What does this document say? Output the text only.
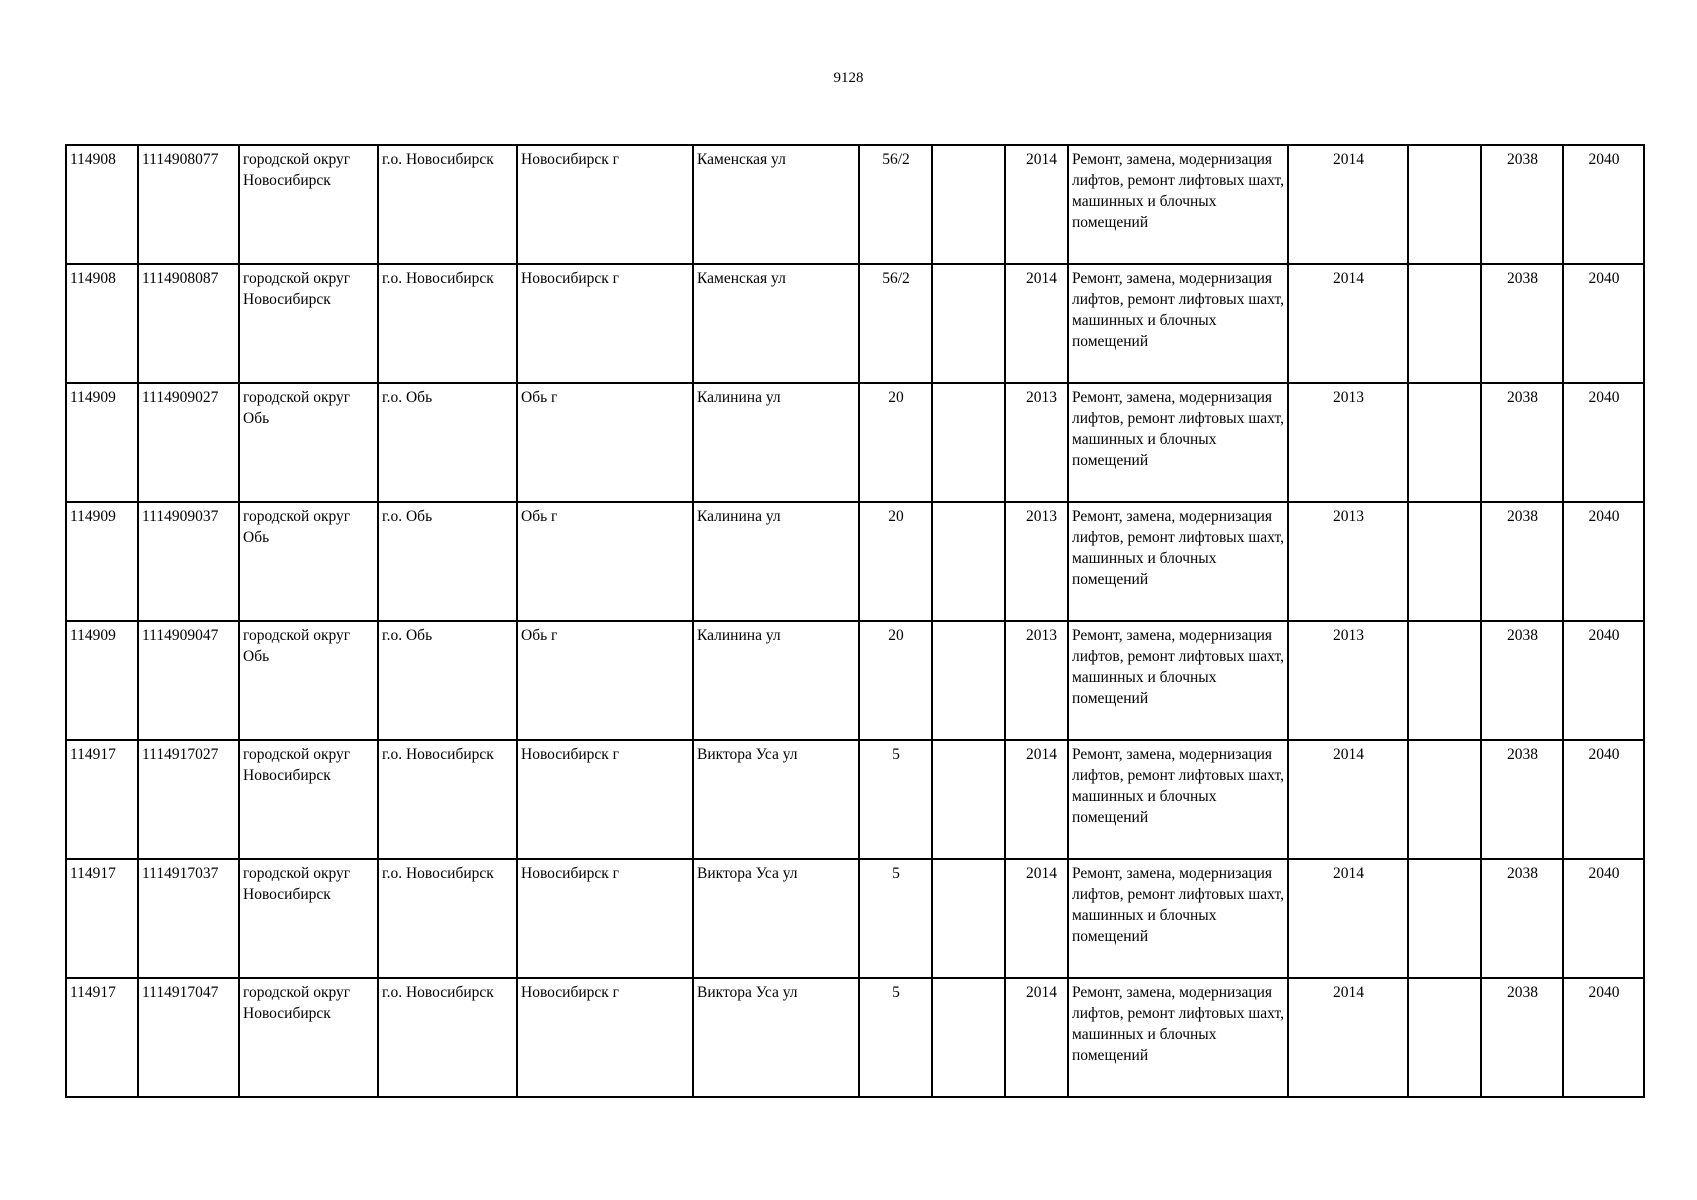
9128
114908	1114908077	городской округ Новосибирск	г.о. Новосибирск	Новосибирск г	Каменская ул	56/2		2014	Ремонт, замена, модернизация лифтов, ремонт лифтовых шахт, машинных и блочных помещений	2014		2038	2040
114908	1114908087	городской округ Новосибирск	г.о. Новосибирск	Новосибирск г	Каменская ул	56/2		2014	Ремонт, замена, модернизация лифтов, ремонт лифтовых шахт, машинных и блочных помещений	2014		2038	2040
114909	1114909027	городской округ Обь	г.о. Обь	Обь г	Калинина ул	20		2013	Ремонт, замена, модернизация лифтов, ремонт лифтовых шахт, машинных и блочных помещений	2013		2038	2040
114909	1114909037	городской округ Обь	г.о. Обь	Обь г	Калинина ул	20		2013	Ремонт, замена, модернизация лифтов, ремонт лифтовых шахт, машинных и блочных помещений	2013		2038	2040
114909	1114909047	городской округ Обь	г.о. Обь	Обь г	Калинина ул	20		2013	Ремонт, замена, модернизация лифтов, ремонт лифтовых шахт, машинных и блочных помещений	2013		2038	2040
114917	1114917027	городской округ Новосибирск	г.о. Новосибирск	Новосибирск г	Виктора Уса ул	5		2014	Ремонт, замена, модернизация лифтов, ремонт лифтовых шахт, машинных и блочных помещений	2014		2038	2040
114917	1114917037	городской округ Новосибирск	г.о. Новосибирск	Новосибирск г	Виктора Уса ул	5		2014	Ремонт, замена, модернизация лифтов, ремонт лифтовых шахт, машинных и блочных помещений	2014		2038	2040
114917	1114917047	городской округ Новосибирск	г.о. Новосибирск	Новосибирск г	Виктора Уса ул	5		2014	Ремонт, замена, модернизация лифтов, ремонт лифтовых шахт, машинных и блочных помещений	2014		2038	2040
